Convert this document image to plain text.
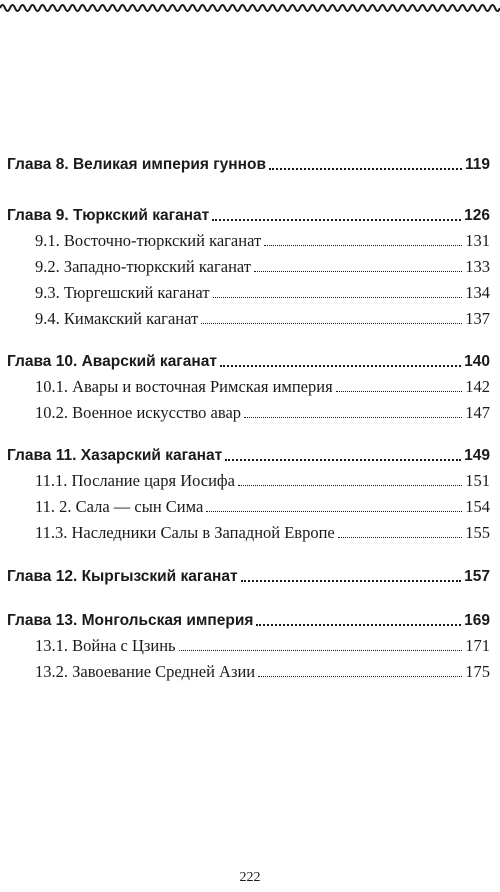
Глава 8. Великая империя гуннов	119
Глава 9. Тюркский каганат	126
9.1. Восточно-тюркский каганат	131
9.2. Западно-тюркский каганат	133
9.3. Тюргешский каганат	134
9.4. Кимакский каганат	137
Глава 10. Аварский каганат	140
10.1. Авары и восточная Римская империя	142
10.2. Военное искусство авар	147
Глава 11. Хазарский каганат	149
11.1. Послание царя Иосифа	151
11. 2. Сала — сын Сима	154
11.3. Наследники Салы в Западной Европе	155
Глава 12. Кыргызский каганат	157
Глава 13. Монгольская империя	169
13.1. Война с Цзинь	171
13.2. Завоевание Средней Азии	175
222
